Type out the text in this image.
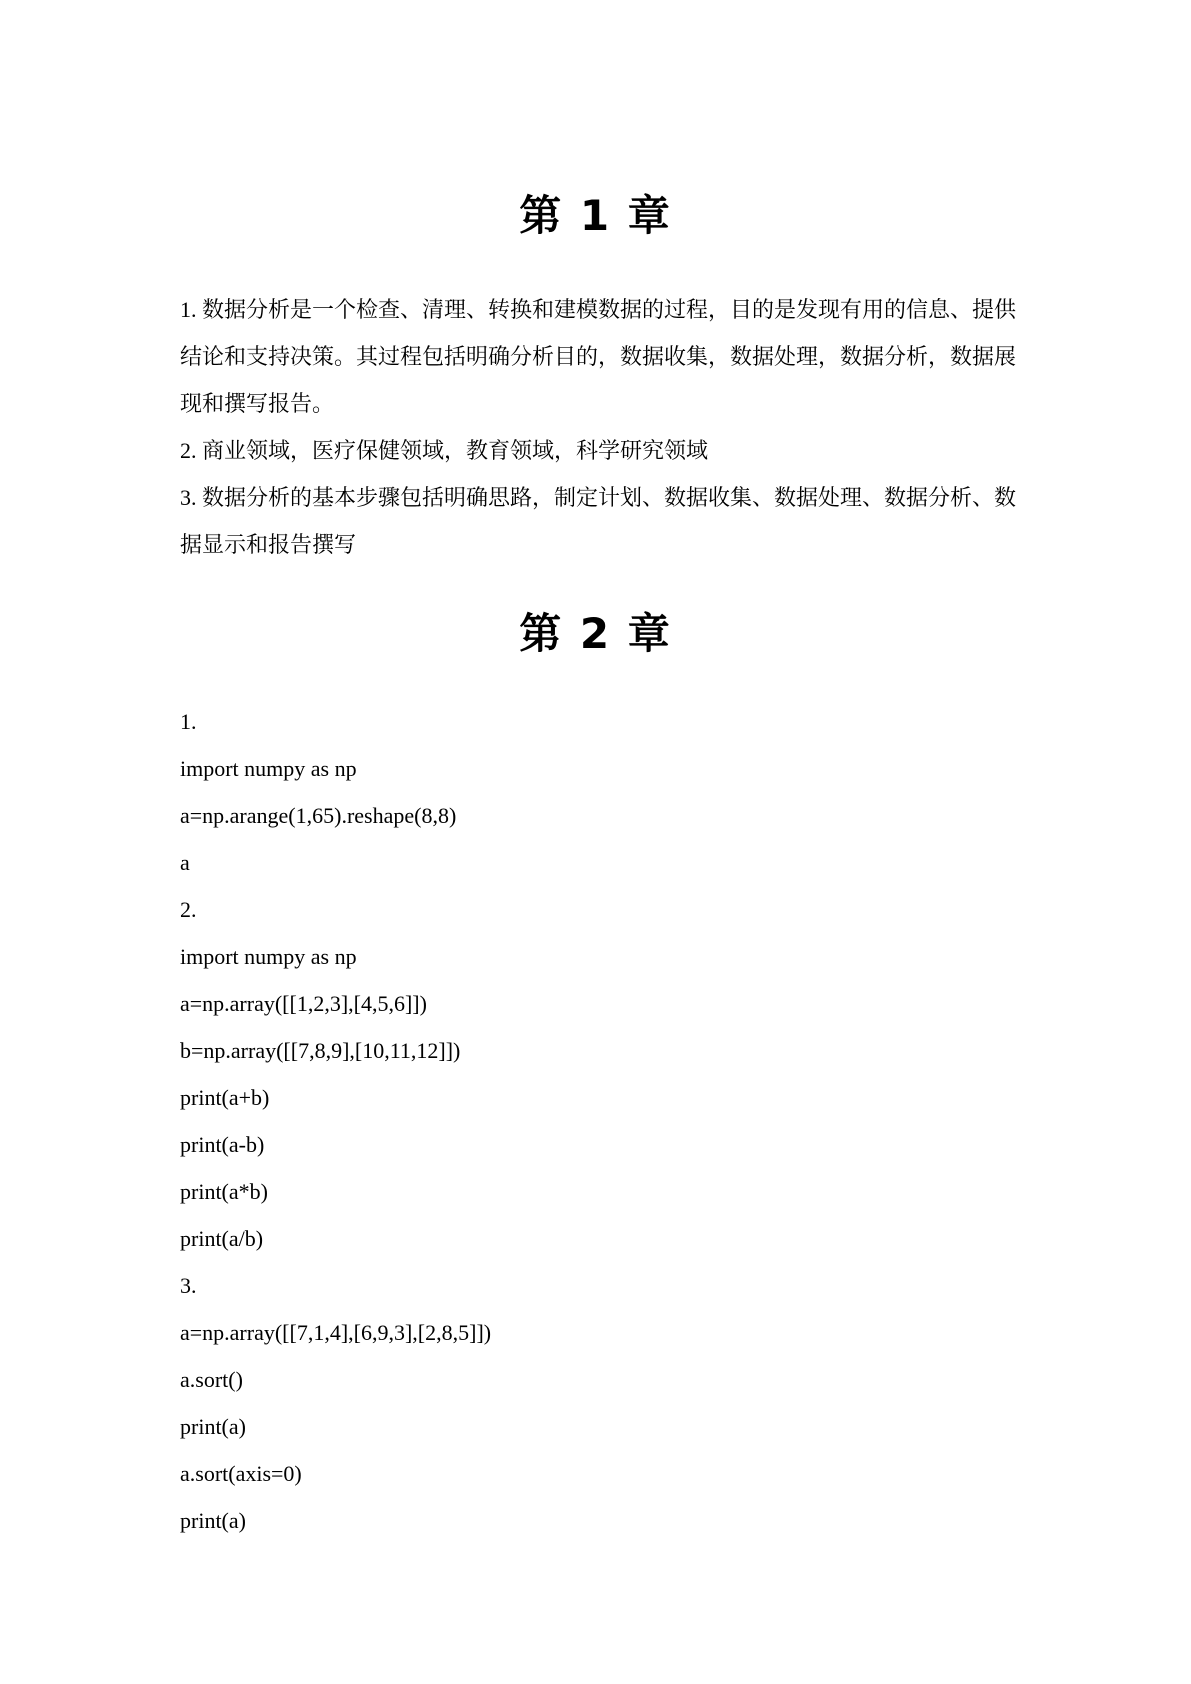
第 1 章

1. 数据分析是一个检查、清理、转换和建模数据的过程，目的是发现有用的信息、提供结论和支持决策。其过程包括明确分析目的，数据收集，数据处理，数据分析，数据展现和撰写报告。

2. 商业领域，医疗保健领域，教育领域，科学研究领域

3. 数据分析的基本步骤包括明确思路，制定计划、数据收集、数据处理、数据分析、数据显示和报告撰写

第 2 章
1.
import numpy as np
a=np.arange(1,65).reshape(8,8)
a
2.
import numpy as np
a=np.array([[1,2,3],[4,5,6]])
b=np.array([[7,8,9],[10,11,12]])
print(a+b)
print(a-b)
print(a*b)
print(a/b)
3.
a=np.array([[7,1,4],[6,9,3],[2,8,5]])
a.sort()
print(a)
a.sort(axis=0)
print(a)
